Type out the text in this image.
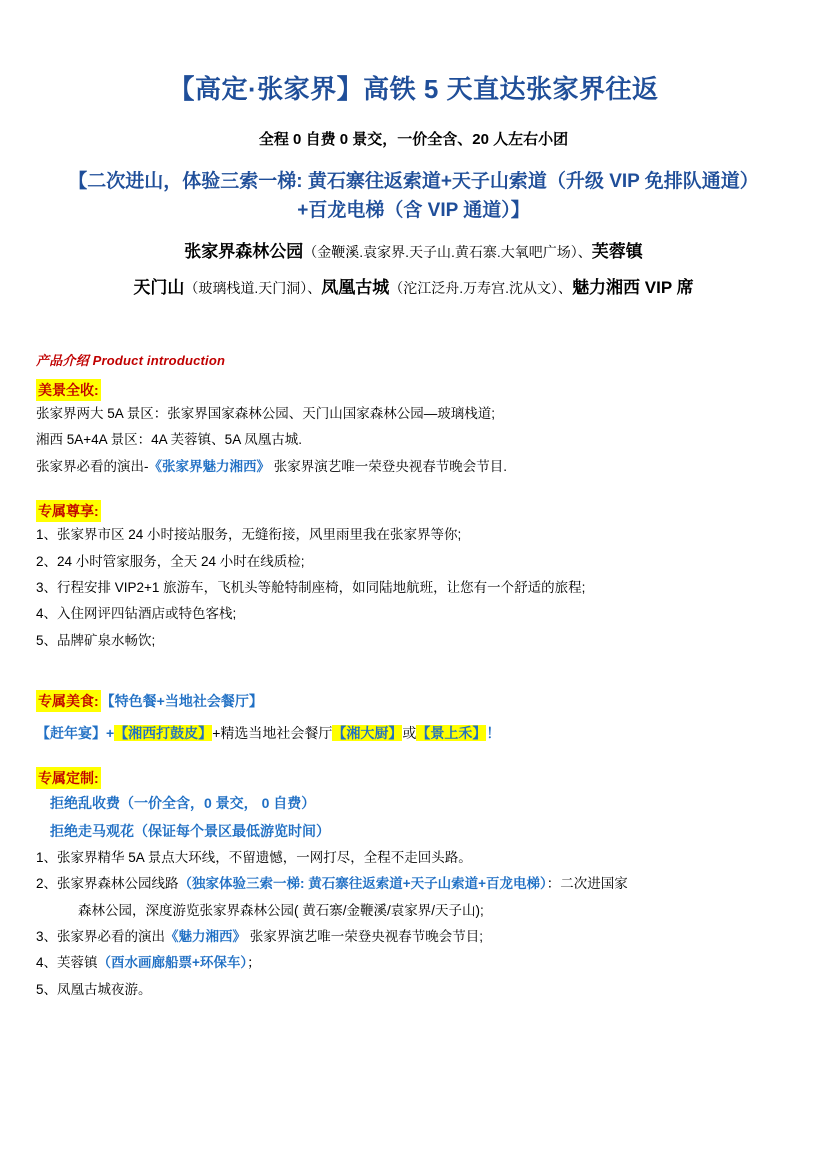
【高定·张家界】高铁 5 天直达张家界往返
全程 0 自费 0 景交，一价全含、20 人左右小团
【二次进山，体验三索一梯: 黄石寨往返索道+天子山索道（升级 VIP 免排队通道）+百龙电梯（含 VIP 通道）】
张家界森林公园（金鞭溪.袁家界.天子山.黄石寨.大氧吧广场）、芙蓉镇
天门山（玻璃栈道.天门洞）、凤凰古城（沱江泛舟.万寿宫.沈从文）、魅力湘西 VIP 席
产品介绍 Product introduction
美景全收:
张家界两大 5A 景区：张家界国家森林公园、天门山国家森林公园—玻璃栈道;
湘西 5A+4A 景区：4A 芙蓉镇、5A 凤凰古城.
张家界必看的演出-《张家界魅力湘西》 张家界演艺唯一荣登央视春节晚会节目.
专属尊享:
1、张家界市区 24 小时接站服务，无缝衔接，风里雨里我在张家界等你;
2、24 小时管家服务，全天 24 小时在线质检;
3、行程安排 VIP2+1 旅游车，飞机头等舱特制座椅，如同陆地航班，让您有一个舒适的旅程;
4、入住网评四钻酒店或特色客栈;
5、品牌矿泉水畅饮;
专属美食: 【特色餐+当地社会餐厅】
【赶年宴】+【湘西打鼓皮】+精选当地社会餐厅【湘大厨】或【景上禾】！
专属定制:
拒绝乱收费（一价全含，0 景交， 0 自费）
拒绝走马观花（保证每个景区最低游览时间）
1、张家界精华 5A 景点大环线，不留遗憾，一网打尽，全程不走回头路。
2、张家界森林公园线路（独家体验三索一梯: 黄石寨往返索道+天子山索道+百龙电梯）：二次进国家
森林公园，深度游览张家界森林公园( 黄石寨/金鞭溪/袁家界/天子山);
3、张家界必看的演出《魅力湘西》 张家界演艺唯一荣登央视春节晚会节目;
4、芙蓉镇（酉水画廊船票+环保车）；
5、凤凰古城夜游。
